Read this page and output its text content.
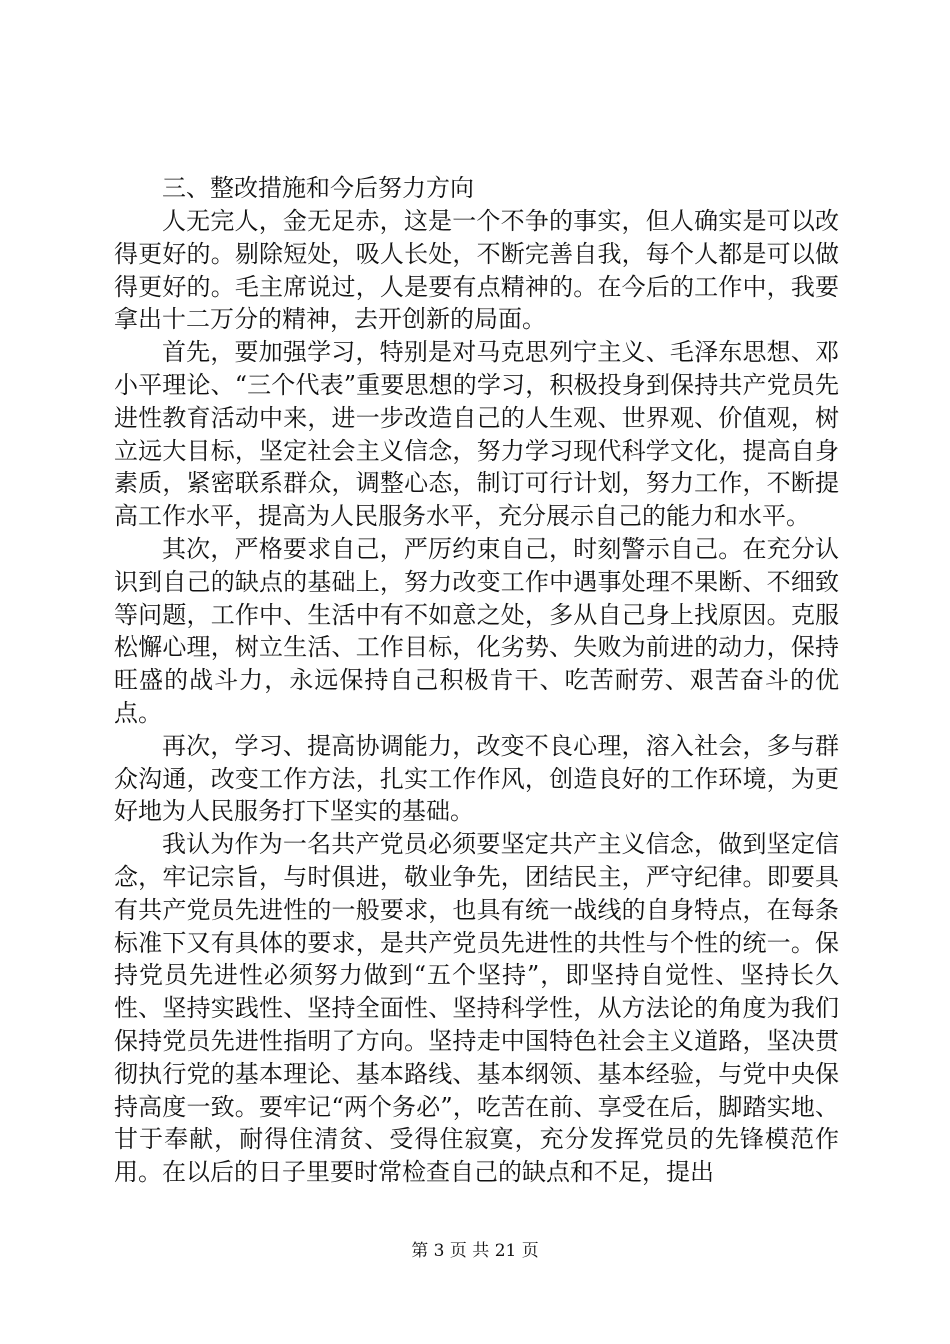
三、整改措施和今后努力方向

人无完人，金无足赤，这是一个不争的事实，但人确实是可以改得更好的。剔除短处，吸人长处，不断完善自我，每个人都是可以做得更好的。毛主席说过，人是要有点精神的。在今后的工作中，我要拿出十二万分的精神，去开创新的局面。

首先，要加强学习，特别是对马克思列宁主义、毛泽东思想、邓小平理论、“三个代表”重要思想的学习，积极投身到保持共产党员先进性教育活动中来，进一步改造自己的人生观、世界观、价值观，树立远大目标，坚定社会主义信念，努力学习现代科学文化，提高自身素质，紧密联系群众，调整心态，制订可行计划，努力工作，不断提高工作水平，提高为人民服务水平，充分展示自己的能力和水平。

其次，严格要求自己，严厉约束自己，时刻警示自己。在充分认识到自己的缺点的基础上，努力改变工作中遇事处理不果断、不细致等问题，工作中、生活中有不如意之处，多从自己身上找原因。克服松懈心理，树立生活、工作目标，化劣势、失败为前进的动力，保持旺盛的战斗力，永远保持自己积极肯干、吃苦耐劳、艰苦奋斗的优点。

再次，学习、提高协调能力，改变不良心理，溶入社会，多与群众沟通，改变工作方法，扎实工作作风，创造良好的工作环境，为更好地为人民服务打下坚实的基础。

我认为作为一名共产党员必须要坚定共产主义信念，做到坚定信念，牢记宗旨，与时俱进，敬业争先，团结民主，严守纪律。即要具有共产党员先进性的一般要求，也具有统一战线的自身特点，在每条标准下又有具体的要求，是共产党员先进性的共性与个性的统一。保持党员先进性必须努力做到“五个坚持”，即坚持自觉性、坚持长久性、坚持实践性、坚持全面性、坚持科学性，从方法论的角度为我们保持党员先进性指明了方向。坚持走中国特色社会主义道路，坚决贯彻执行党的基本理论、基本路线、基本纲领、基本经验，与党中央保持高度一致。要牢记“两个务必”，吃苦在前、享受在后，脚踏实地、甘于奉献，耐得住清贫、受得住寂寞，充分发挥党员的先锋模范作用。在以后的日子里要时常检查自己的缺点和不足，提出

第 3 页 共 21 页
